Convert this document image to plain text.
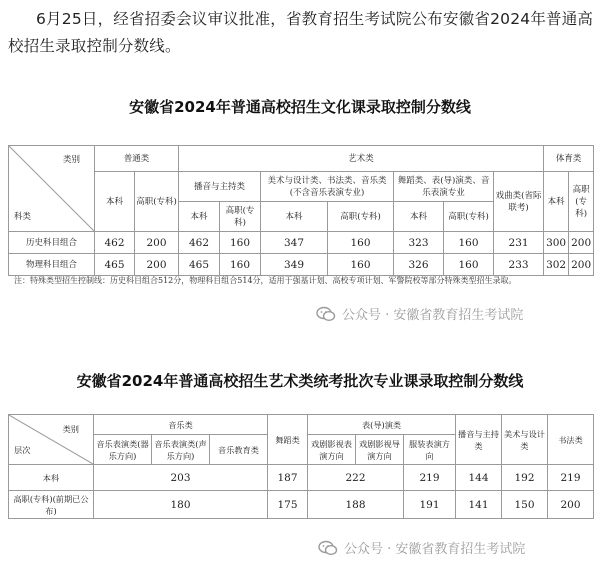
6月25日，经省招委会议审议批准，省教育招生考试院公布安徽省2024年普通高校招生录取控制分数线。

安徽省2024年普通高校招生文化课录取控制分数线
类别
科类	普通类		艺术类							体育类	
	本科	高职(专科)	播音与主持类		美术与设计类、书法类、音乐类(不含音乐表演专业)		舞蹈类、表(导)演类、音乐表演专业		戏曲类(省际联考)	本科	高职(专科)
			本科	高职(专科)	本科	高职(专科)	本科	高职(专科)			
历史科目组合	462	200	462	160	347	160	323	160	231	300	200
物理科目组合	465	200	465	160	349	160	326	160	233	302	200

注：特殊类型招生控制线：历史科目组合512分，物理科目组合514分，适用于强基计划、高校专项计划、军警院校等部分特殊类型招生录取。

公众号 · 安徽省教育招生考试院
安徽省2024年普通高校招生艺术类统考批次专业课录取控制分数线
类别
层次	音乐类			舞蹈类	表(导)演类			播音与主持类	美术与设计类	书法类
	音乐表演类(器乐方向)	音乐表演类(声乐方向)	音乐教育类		戏剧影视表演方向	戏剧影视导演方向	服装表演方向			
本科	203			187	222		219	144	192	219
高职(专科)(前期已公布)	180			175	188		191	141	150	200
公众号 · 安徽省教育招生考试院
